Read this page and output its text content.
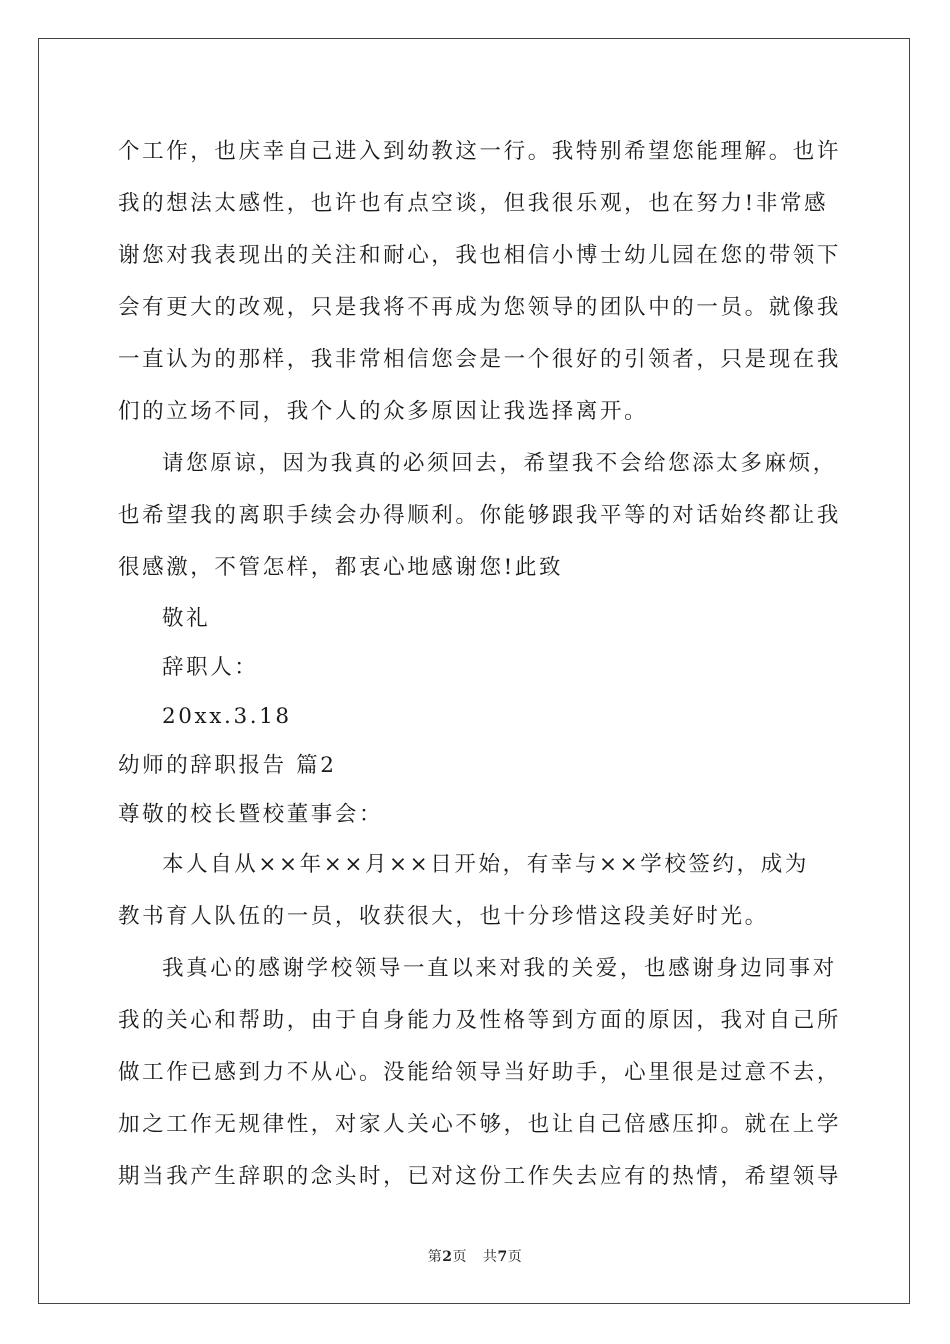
个工作，也庆幸自己进入到幼教这一行。我特别希望您能理解。也许
我的想法太感性，也许也有点空谈，但我很乐观，也在努力!非常感
谢您对我表现出的关注和耐心，我也相信小博士幼儿园在您的带领下
会有更大的改观，只是我将不再成为您领导的团队中的一员。就像我
一直认为的那样，我非常相信您会是一个很好的引领者，只是现在我
们的立场不同，我个人的众多原因让我选择离开。
请您原谅，因为我真的必须回去，希望我不会给您添太多麻烦，
也希望我的离职手续会办得顺利。你能够跟我平等的对话始终都让我
很感激，不管怎样，都衷心地感谢您!此致
敬礼
辞职人：
20xx.3.18
幼师的辞职报告 篇2
尊敬的校长暨校董事会：
本人自从××年××月××日开始，有幸与××学校签约，成为
教书育人队伍的一员，收获很大，也十分珍惜这段美好时光。
我真心的感谢学校领导一直以来对我的关爱，也感谢身边同事对
我的关心和帮助，由于自身能力及性格等到方面的原因，我对自己所
做工作已感到力不从心。没能给领导当好助手，心里很是过意不去，
加之工作无规律性，对家人关心不够，也让自己倍感压抑。就在上学
期当我产生辞职的念头时，已对这份工作失去应有的热情，希望领导
第2页 共7页
